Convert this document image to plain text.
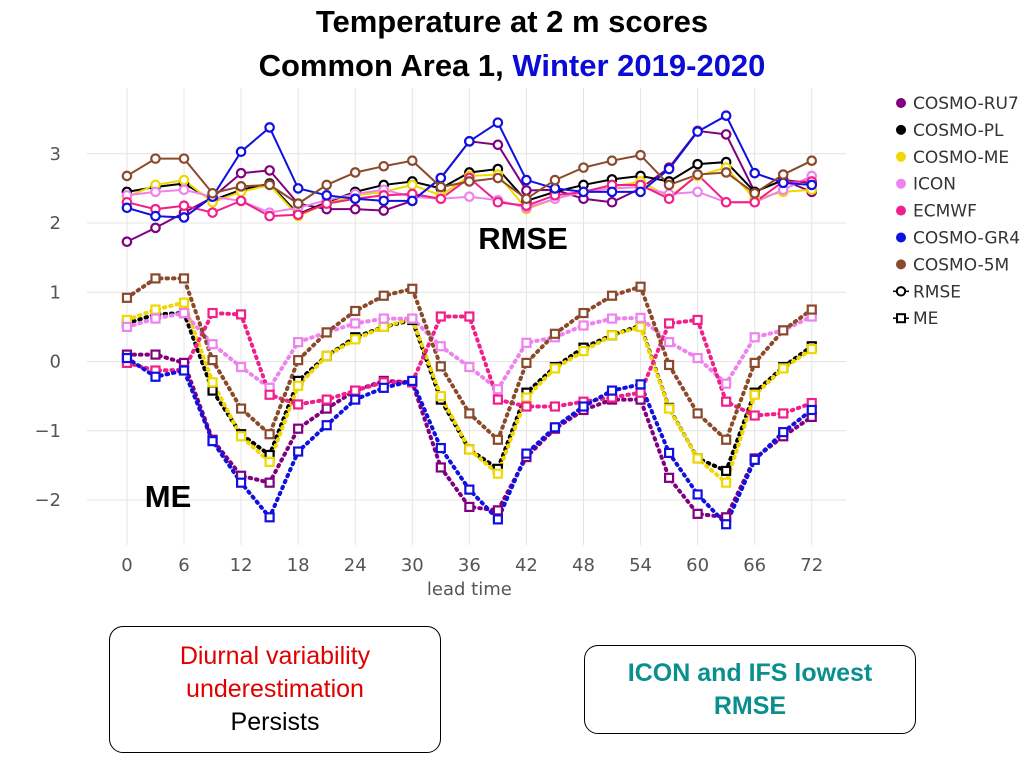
Temperature at 2 m scores
Common Area 1, Winter 2019-2020
0	6 12 18 24 30 36 42 48 54 60 66 72
−2
−1
0
1
2
3
lead time
RMSE
ME
COSMO-RU7
COSMO-PL
COSMO-ME
ICON
ECMWF
COSMO-GR4
COSMO-5M
RMSE
ME
Diurnal variability
underestimation
Persists
ICON and IFS lowest
RMSE
